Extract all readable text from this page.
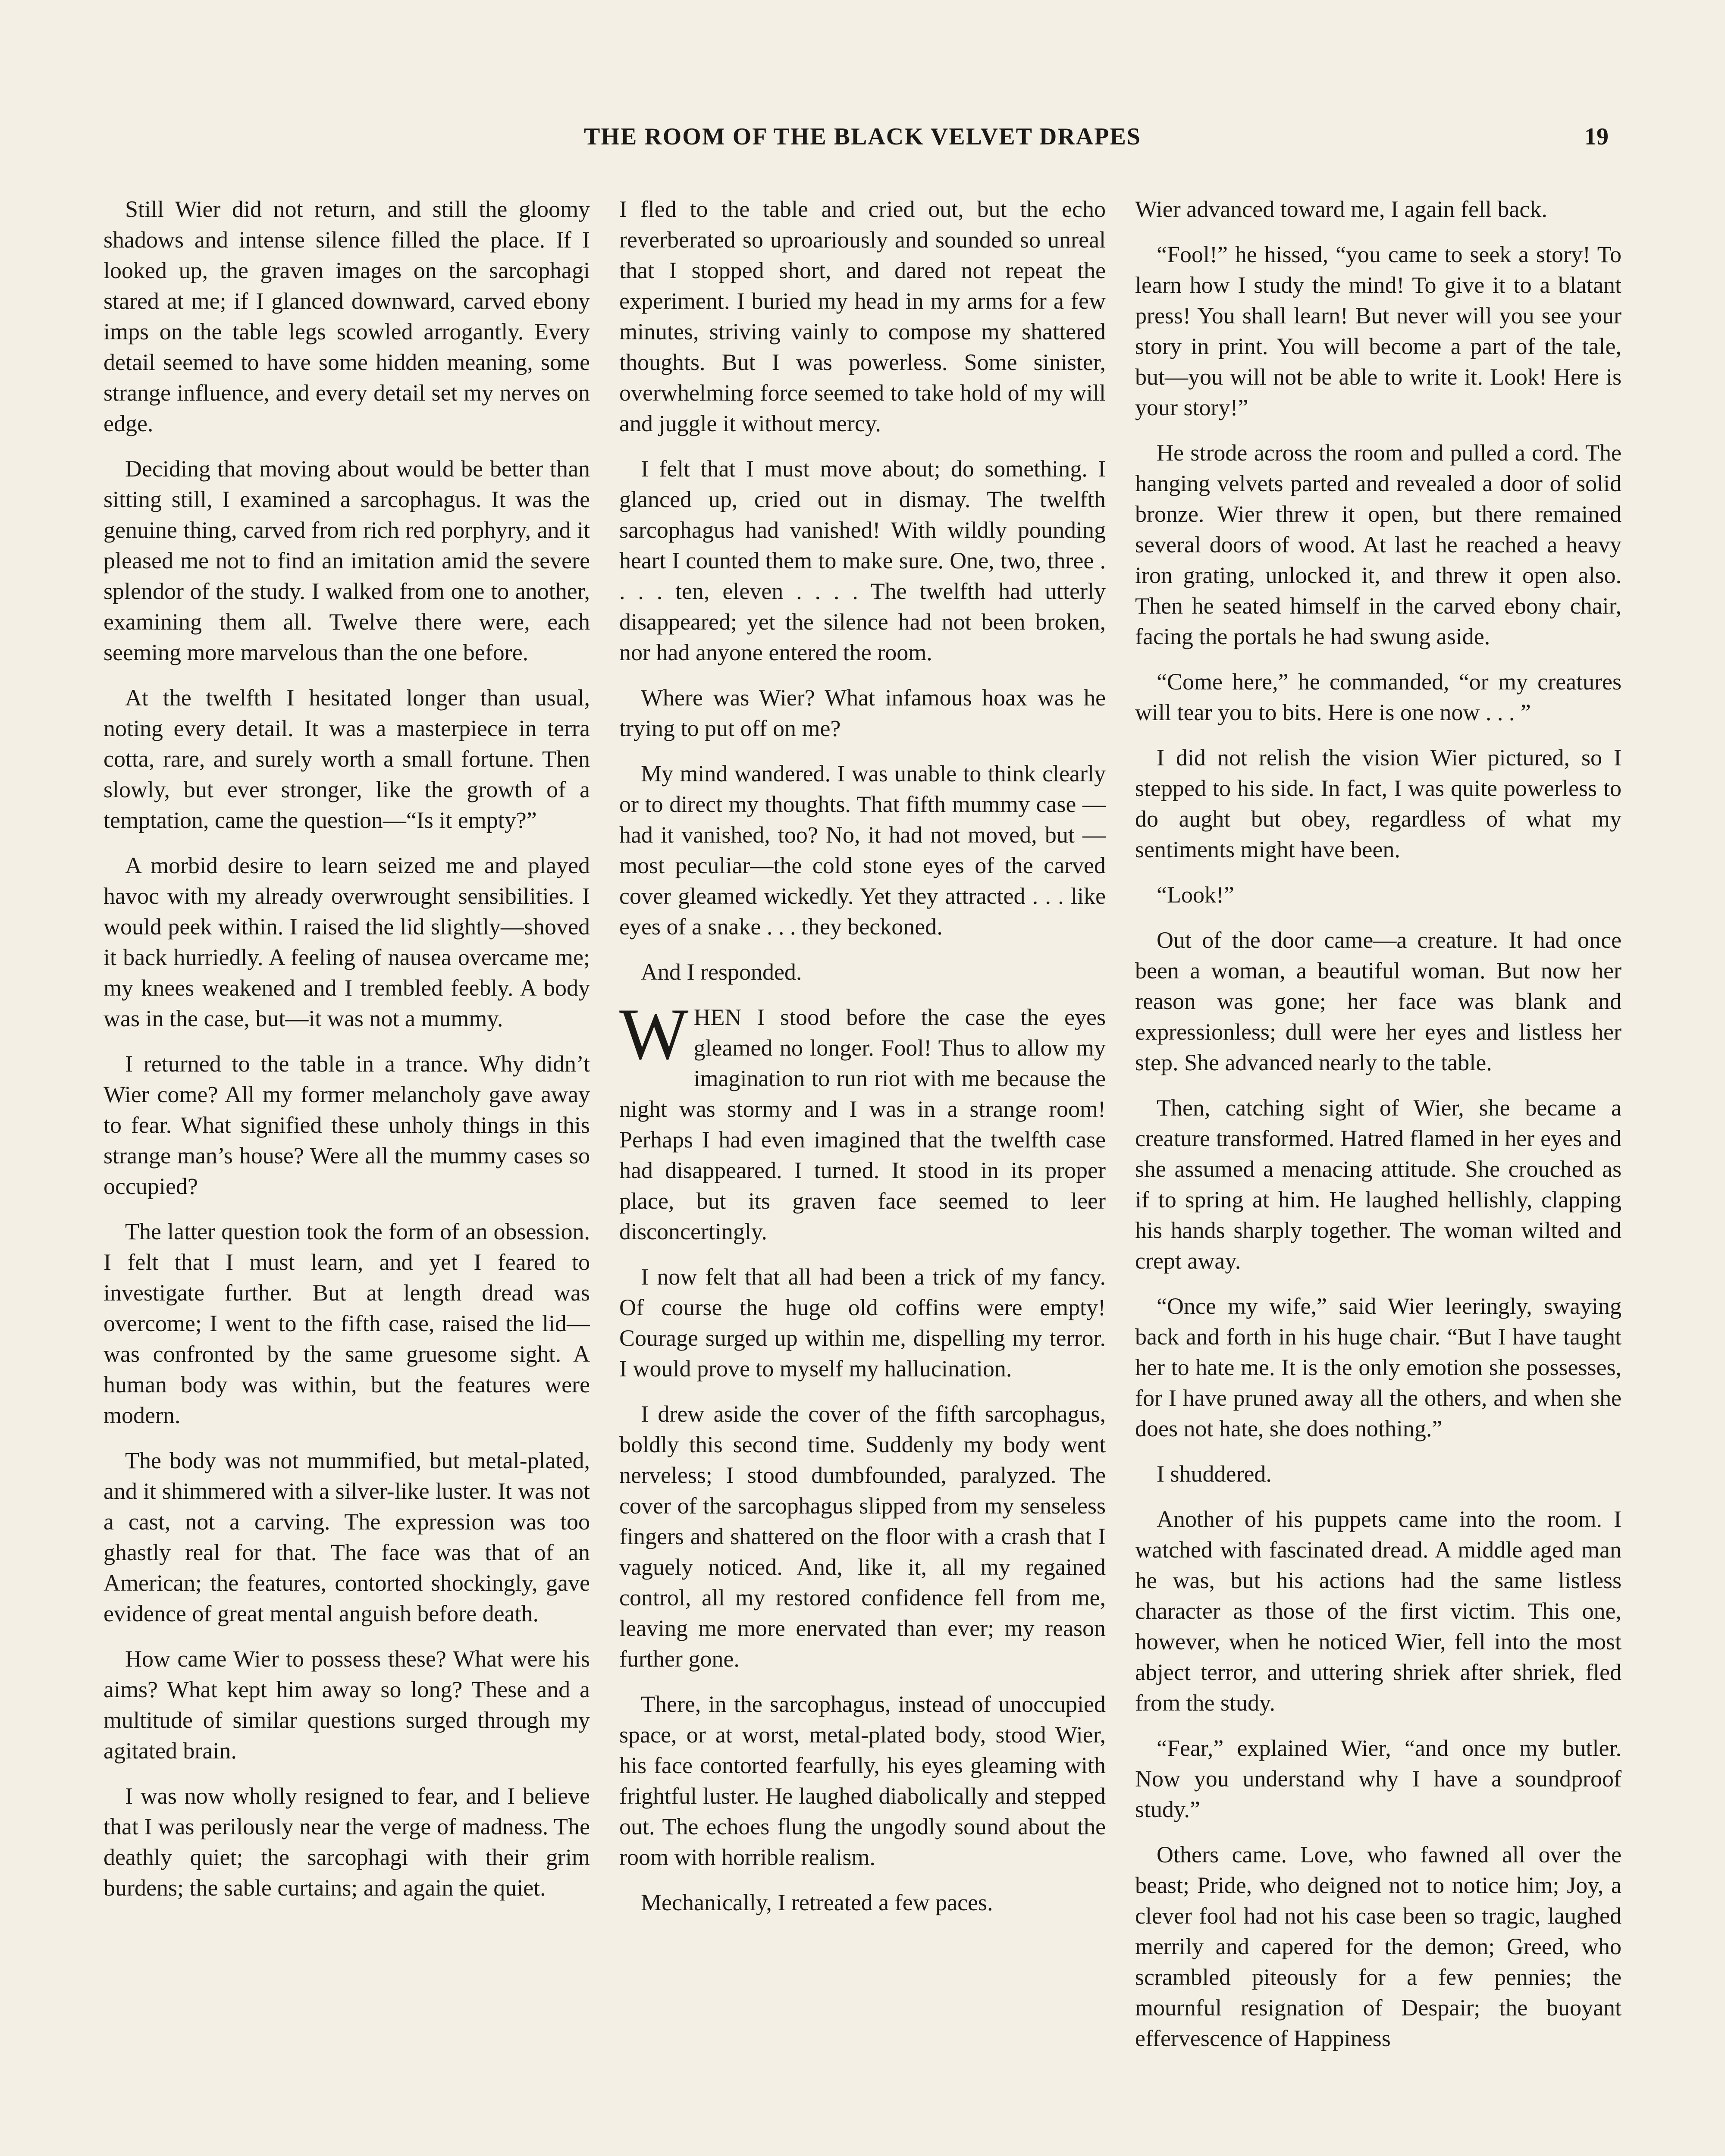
THE ROOM OF THE BLACK VELVET DRAPES	19

Still Wier did not return, and still the gloomy shadows and intense silence filled the place. If I looked up, the graven images on the sarcophagi stared at me; if I glanced downward, carved ebony imps on the table legs scowled arrogantly. Every detail seemed to have some hidden meaning, some strange influence, and every detail set my nerves on edge.

Deciding that moving about would be better than sitting still, I examined a sarcophagus. It was the genuine thing, carved from rich red porphyry, and it pleased me not to find an imitation amid the severe splendor of the study. I walked from one to another, examining them all. Twelve there were, each seeming more marvelous than the one before.

At the twelfth I hesitated longer than usual, noting every detail. It was a masterpiece in terra cotta, rare, and surely worth a small fortune. Then slowly, but ever stronger, like the growth of a temptation, came the question—“Is it empty?”

A morbid desire to learn seized me and played havoc with my already overwrought sensibilities. I would peek within. I raised the lid slightly—shoved it back hurriedly. A feeling of nausea overcame me; my knees weakened and I trembled feebly. A body was in the case, but—it was not a mummy.

I returned to the table in a trance. Why didn’t Wier come? All my former melancholy gave away to fear. What signified these unholy things in this strange man’s house? Were all the mummy cases so occupied?

The latter question took the form of an obsession. I felt that I must learn, and yet I feared to investigate further. But at length dread was overcome; I went to the fifth case, raised the lid—was confronted by the same gruesome sight. A human body was within, but the features were modern.

The body was not mummified, but metal-plated, and it shimmered with a silver-like luster. It was not a cast, not a carving. The expression was too ghastly real for that. The face was that of an American; the features, contorted shockingly, gave evidence of great mental anguish before death.

How came Wier to possess these? What were his aims? What kept him away so long? These and a multitude of similar questions surged through my agitated brain.

I was now wholly resigned to fear, and I believe that I was perilously near the verge of madness. The deathly quiet; the sarcophagi with their grim burdens; the sable curtains; and again the quiet.

I fled to the table and cried out, but the echo reverberated so uproariously and sounded so unreal that I stopped short, and dared not repeat the experiment. I buried my head in my arms for a few minutes, striving vainly to compose my shattered thoughts. But I was powerless. Some sinister, overwhelming force seemed to take hold of my will and juggle it without mercy.

I felt that I must move about; do something. I glanced up, cried out in dismay. The twelfth sarcophagus had vanished! With wildly pounding heart I counted them to make sure. One, two, three . . . . ten, eleven . . . . The twelfth had utterly disappeared; yet the silence had not been broken, nor had anyone entered the room.

Where was Wier? What infamous hoax was he trying to put off on me?

My mind wandered. I was unable to think clearly or to direct my thoughts. That fifth mummy case — had it vanished, too? No, it had not moved, but —most peculiar—the cold stone eyes of the carved cover gleamed wickedly. Yet they attracted . . . like eyes of a snake . . . they beckoned.

And I responded.

WHEN I stood before the case the eyes gleamed no longer. Fool! Thus to allow my imagination to run riot with me because the night was stormy and I was in a strange room! Perhaps I had even imagined that the twelfth case had disappeared. I turned. It stood in its proper place, but its graven face seemed to leer disconcertingly.

I now felt that all had been a trick of my fancy. Of course the huge old coffins were empty! Courage surged up within me, dispelling my terror. I would prove to myself my hallucination.

I drew aside the cover of the fifth sarcophagus, boldly this second time. Suddenly my body went nerveless; I stood dumbfounded, paralyzed. The cover of the sarcophagus slipped from my senseless fingers and shattered on the floor with a crash that I vaguely noticed. And, like it, all my regained control, all my restored confidence fell from me, leaving me more enervated than ever; my reason further gone.

There, in the sarcophagus, instead of unoccupied space, or at worst, metal-plated body, stood Wier, his face contorted fearfully, his eyes gleaming with frightful luster. He laughed diabolically and stepped out. The echoes flung the ungodly sound about the room with horrible realism.

Mechanically, I retreated a few paces.

Wier advanced toward me, I again fell back.

“Fool!” he hissed, “you came to seek a story! To learn how I study the mind! To give it to a blatant press! You shall learn! But never will you see your story in print. You will become a part of the tale, but—you will not be able to write it. Look! Here is your story!”

He strode across the room and pulled a cord. The hanging velvets parted and revealed a door of solid bronze. Wier threw it open, but there remained several doors of wood. At last he reached a heavy iron grating, unlocked it, and threw it open also. Then he seated himself in the carved ebony chair, facing the portals he had swung aside.

“Come here,” he commanded, “or my creatures will tear you to bits. Here is one now . . . ”

I did not relish the vision Wier pictured, so I stepped to his side. In fact, I was quite powerless to do aught but obey, regardless of what my sentiments might have been.

“Look!”

Out of the door came—a creature. It had once been a woman, a beautiful woman. But now her reason was gone; her face was blank and expressionless; dull were her eyes and listless her step. She advanced nearly to the table.

Then, catching sight of Wier, she became a creature transformed. Hatred flamed in her eyes and she assumed a menacing attitude. She crouched as if to spring at him. He laughed hellishly, clapping his hands sharply together. The woman wilted and crept away.

“Once my wife,” said Wier leeringly, swaying back and forth in his huge chair. “But I have taught her to hate me. It is the only emotion she possesses, for I have pruned away all the others, and when she does not hate, she does nothing.”

I shuddered.

Another of his puppets came into the room. I watched with fascinated dread. A middle aged man he was, but his actions had the same listless character as those of the first victim. This one, however, when he noticed Wier, fell into the most abject terror, and uttering shriek after shriek, fled from the study.

“Fear,” explained Wier, “and once my butler. Now you understand why I have a soundproof study.”

Others came. Love, who fawned all over the beast; Pride, who deigned not to notice him; Joy, a clever fool had not his case been so tragic, laughed merrily and capered for the demon; Greed, who scrambled piteously for a few pennies; the mournful resignation of Despair; the buoyant effervescence of Happiness
